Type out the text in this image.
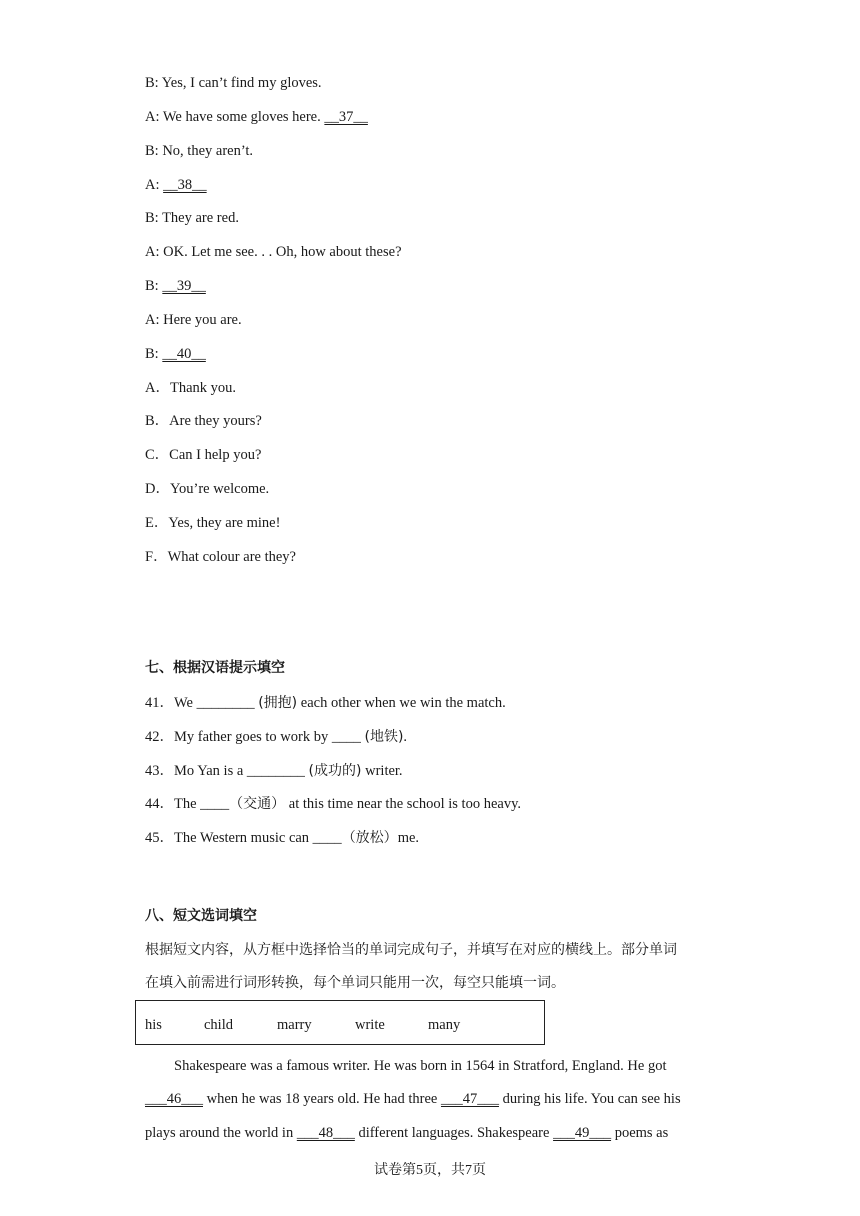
B: Yes, I can’t find my gloves.
A: We have some gloves here. __37__
B: No, they aren’t.
A: __38__
B: They are red.
A: OK. Let me see. . . Oh, how about these?
B: __39__
A: Here you are.
B: __40__
A．Thank you.
B．Are they yours?
C．Can I help you?
D．You’re welcome.
E．Yes, they are mine!
F．What colour are they?
七、根据汉语提示填空
41．We ________ (拥抱) each other when we win the match.
42．My father goes to work by ____ (地铁).
43．Mo Yan is a ________ (成功的) writer.
44．The ____（交通） at this time near the school is too heavy.
45．The Western music can ____（放松）me.
八、短文选词填空
根据短文内容，从方框中选择恰当的单词完成句子，并填写在对应的横线上。部分单词
在填入前需进行词形转换，每个单词只能用一次，每空只能填一词。
his	child	marry	write	many
　　Shakespeare was a famous writer. He was born in 1564 in Stratford, England. He got
___46___ when he was 18 years old. He had three ___47___ during his life. You can see his
plays around the world in ___48___ different languages. Shakespeare ___49___ poems as
试卷第5页，共7页
